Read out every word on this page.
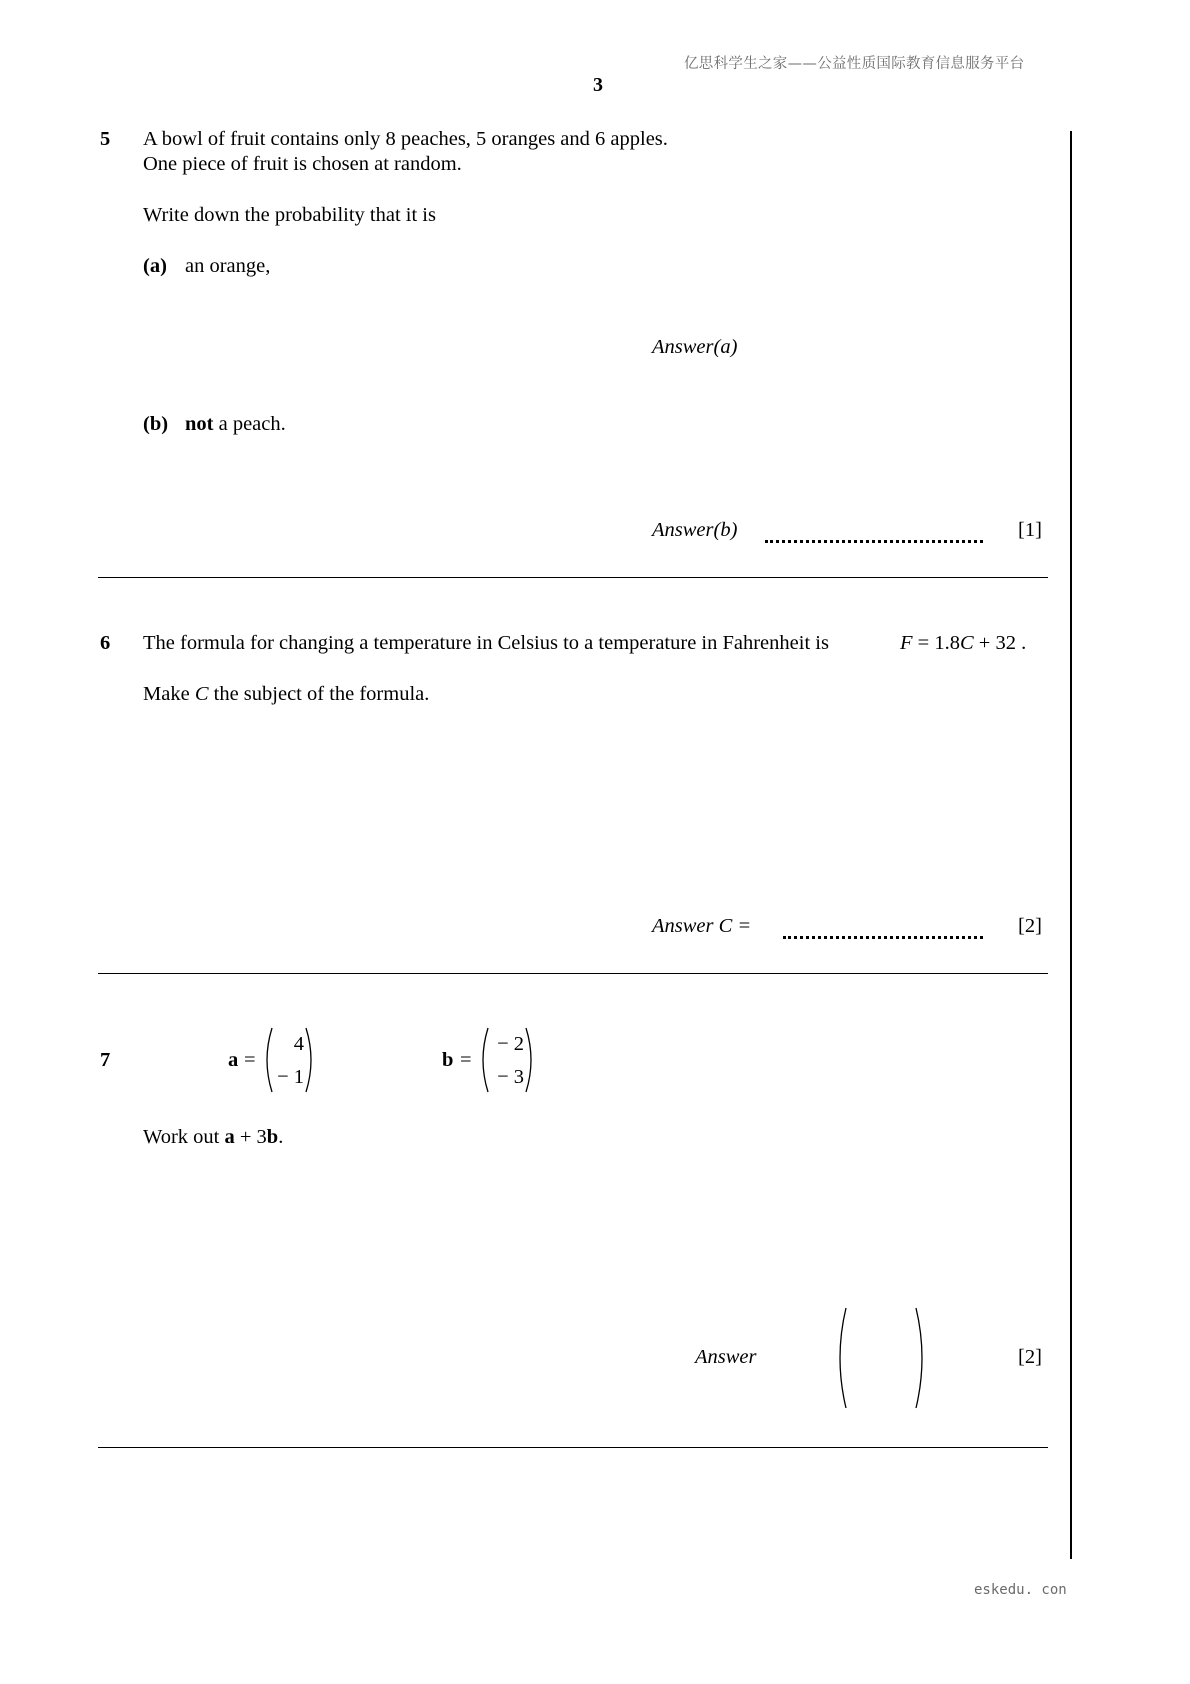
亿思科学生之家——公益性质国际教育信息服务平台
3
eskedu. con
5 A bowl of fruit contains only 8 peaches, 5 oranges and 6 apples.
One piece of fruit is chosen at random.
Write down the probability that it is
(a) an orange,
Answer(a)
(b) not a peach.
Answer(b)	[1]
6 The formula for changing a temperature in Celsius to a temperature in Fahrenheit is	F = 1.8C + 32 .
Make C the subject of the formula.
Answer C =	[2]
7	a =
4
− 1
b =
− 2
− 3
Work out a + 3b.
Answer	[2]
